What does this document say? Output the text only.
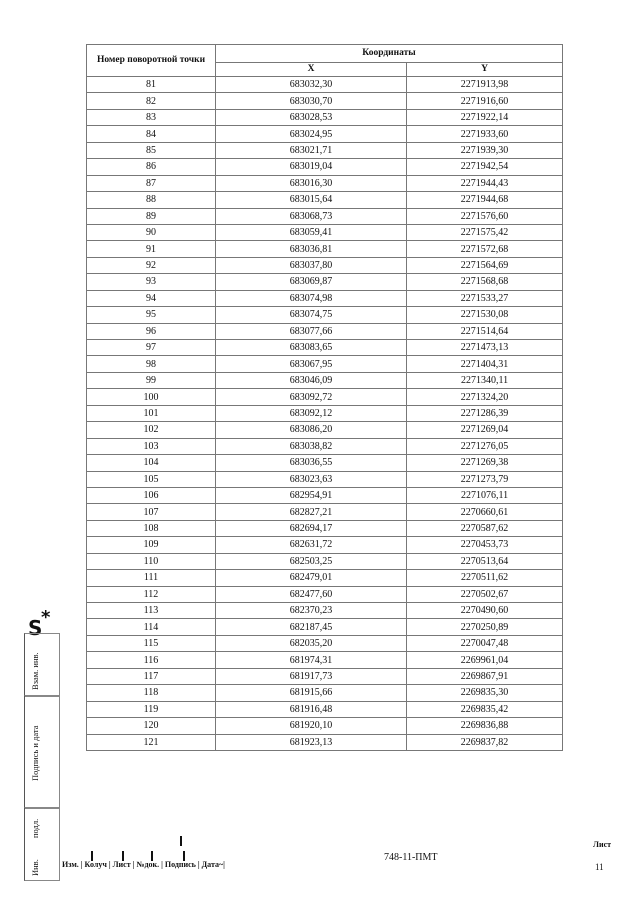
Номер поворотной точки	Координаты	
	X	Y
81	683032,30	2271913,98
82	683030,70	2271916,60
83	683028,53	2271922,14
84	683024,95	2271933,60
85	683021,71	2271939,30
86	683019,04	2271942,54
87	683016,30	2271944,43
88	683015,64	2271944,68
89	683068,73	2271576,60
90	683059,41	2271575,42
91	683036,81	2271572,68
92	683037,80	2271564,69
93	683069,87	2271568,68
94	683074,98	2271533,27
95	683074,75	2271530,08
96	683077,66	2271514,64
97	683083,65	2271473,13
98	683067,95	2271404,31
99	683046,09	2271340,11
100	683092,72	2271324,20
101	683092,12	2271286,39
102	683086,20	2271269,04
103	683038,82	2271276,05
104	683036,55	2271269,38
105	683023,63	2271273,79
106	682954,91	2271076,11
107	682827,21	2270660,61
108	682694,17	2270587,62
109	682631,72	2270453,73
110	682503,25	2270513,64
111	682479,01	2270511,62
112	682477,60	2270502,67
113	682370,23	2270490,60
114	682187,45	2270250,89
115	682035,20	2270047,48
116	681974,31	2269961,04
117	681917,73	2269867,91
118	681915,66	2269835,30
119	681916,48	2269835,42
120	681920,10	2269836,88
121	681923,13	2269837,82
S
*
Взам. инв.
Подпись и дата
подл.
Инв.	Изм. | Колуч | Лист | №док. | Подпись | Дата~|
748-11-ПМТ
Лист
11
